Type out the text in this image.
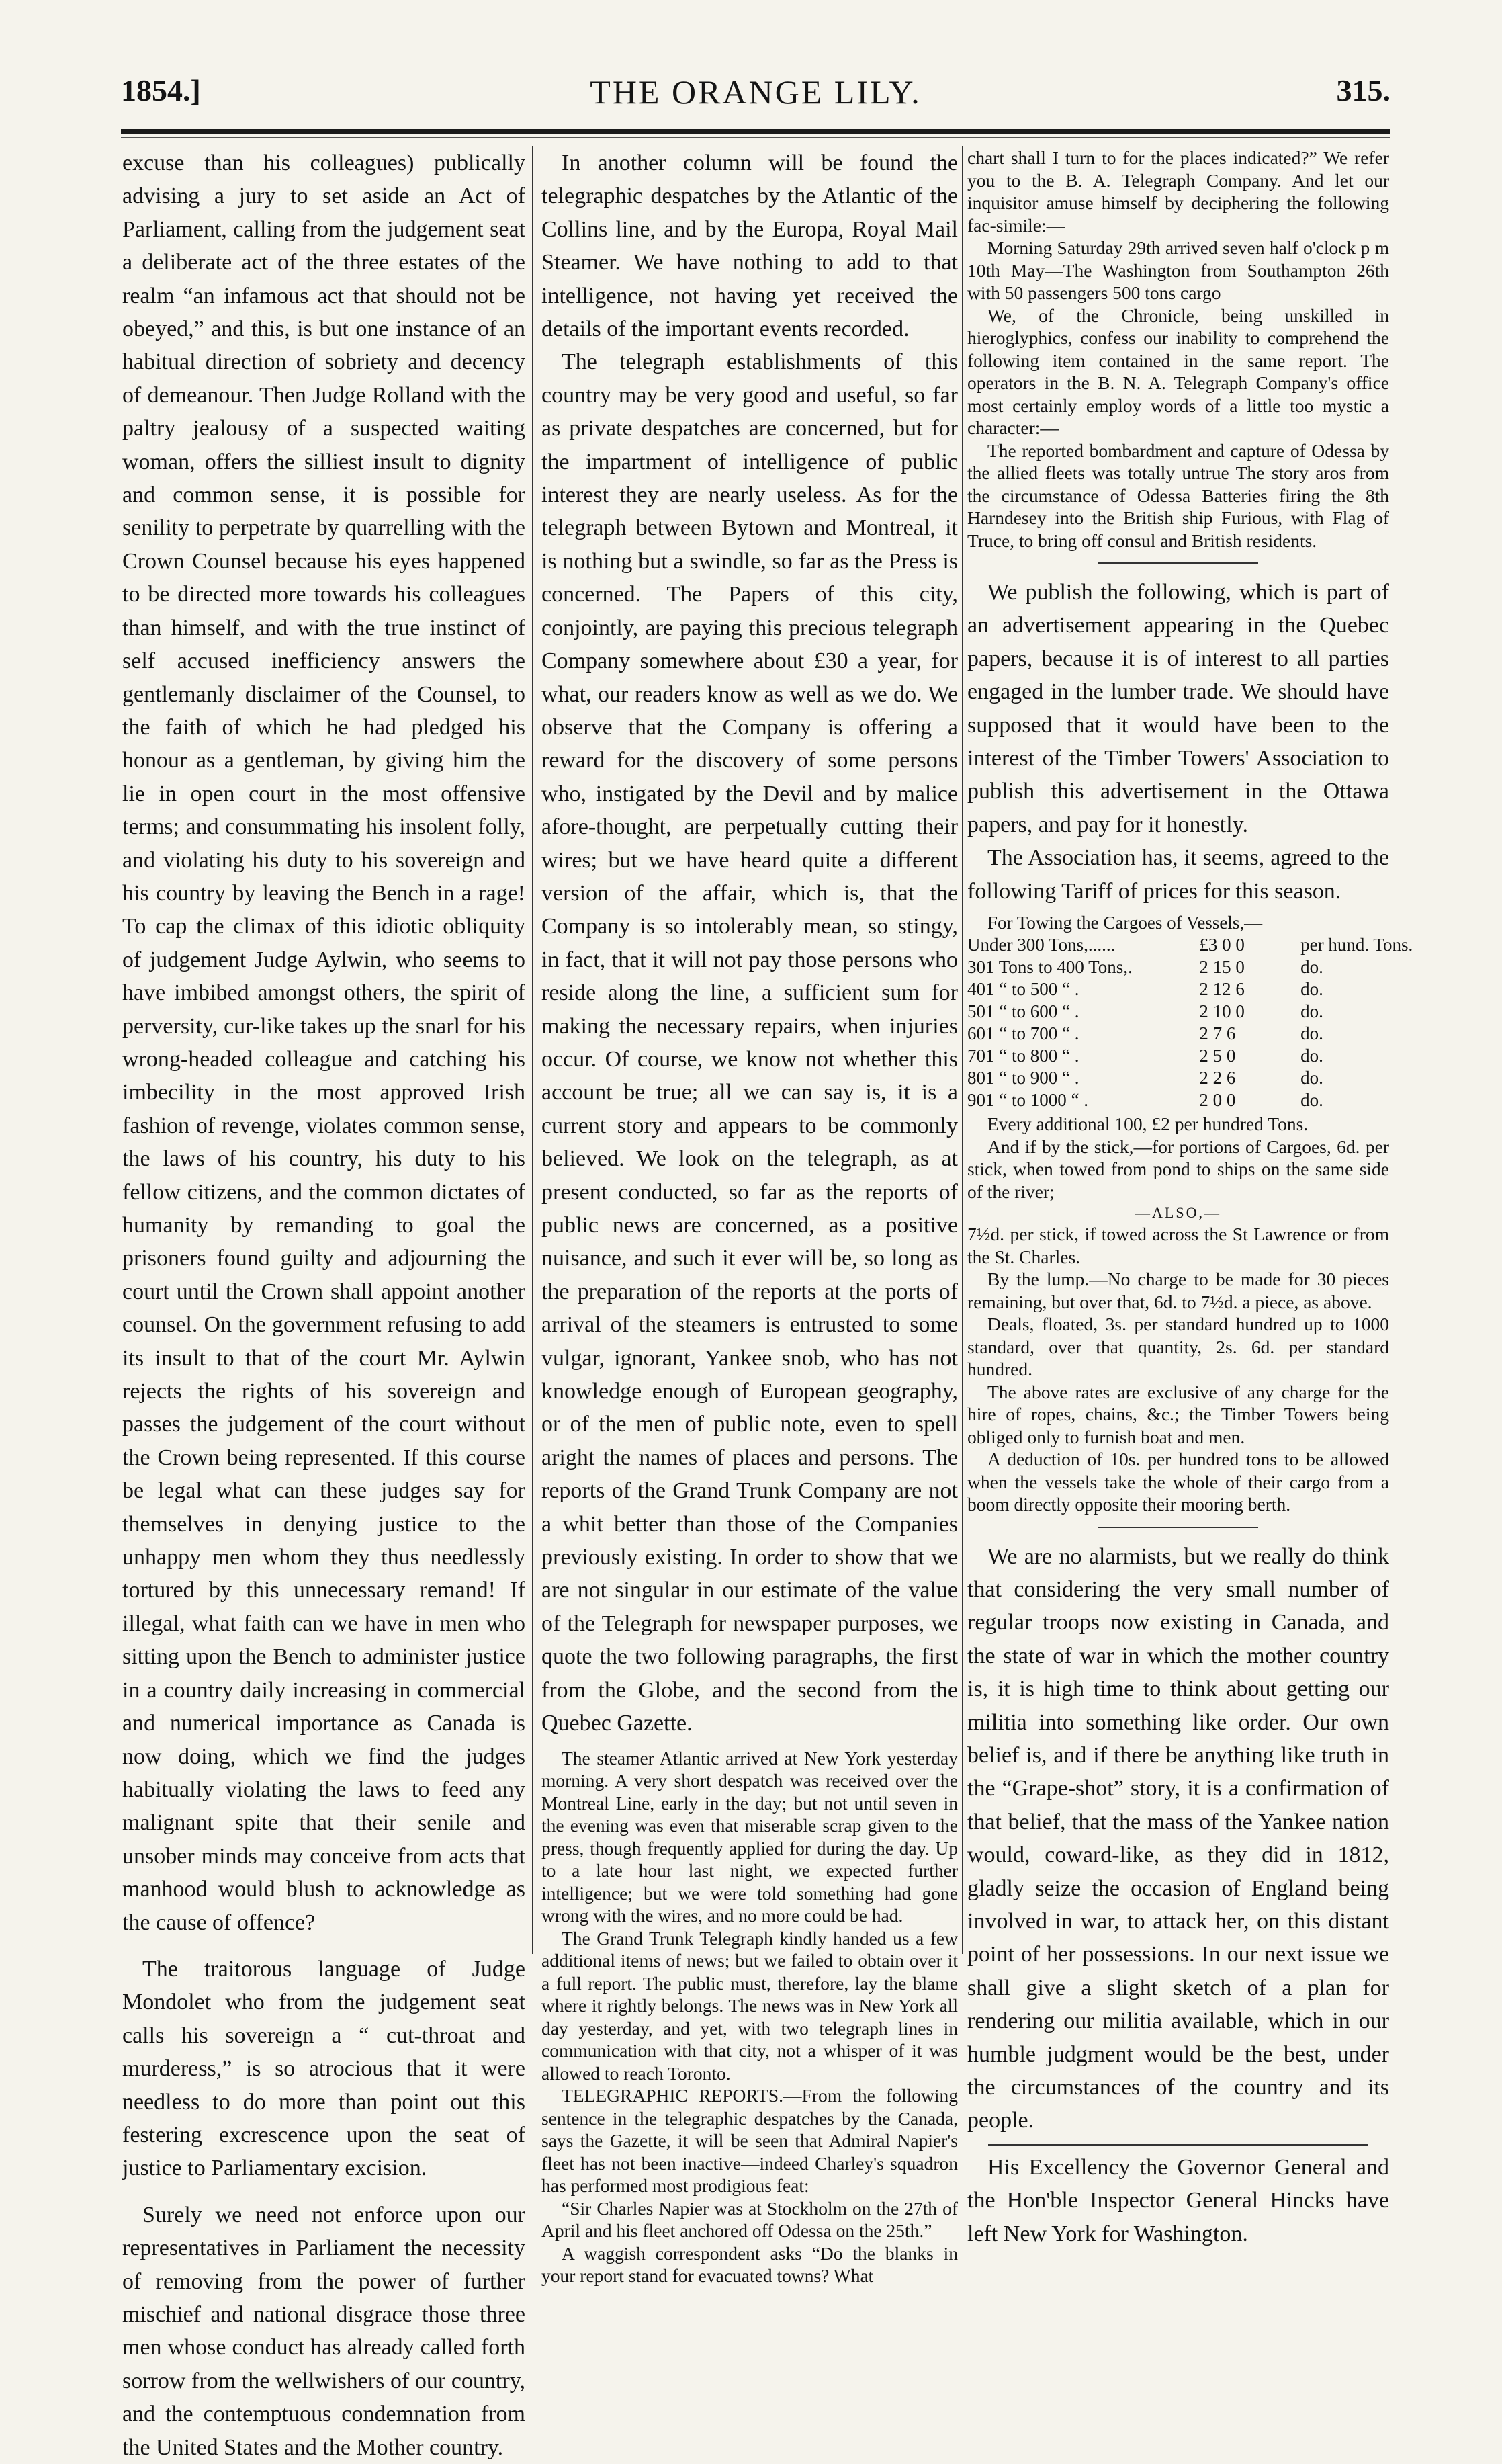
1854.]	THE ORANGE LILY.	315.

excuse than his colleagues) publically advising a jury to set aside an Act of Parliament, calling from the judgement seat a deliberate act of the three estates of the realm “an infamous act that should not be obeyed,” and this, is but one instance of an habitual direction of sobriety and decency of demeanour. Then Judge Rolland with the paltry jealousy of a suspected waiting woman, offers the silliest insult to dignity and common sense, it is possible for senility to perpetrate by quarrelling with the Crown Counsel because his eyes happened to be directed more towards his colleagues than himself, and with the true instinct of self accused inefficiency answers the gentlemanly disclaimer of the Counsel, to the faith of which he had pledged his honour as a gentleman, by giving him the lie in open court in the most offensive terms; and consummating his insolent folly, and violating his duty to his sovereign and his country by leaving the Bench in a rage! To cap the climax of this idiotic obliquity of judgement Judge Aylwin, who seems to have imbibed amongst others, the spirit of perversity, cur-like takes up the snarl for his wrong-headed colleague and catching his imbecility in the most approved Irish fashion of revenge, violates common sense, the laws of his country, his duty to his fellow citizens, and the common dictates of humanity by remanding to goal the prisoners found guilty and adjourning the court until the Crown shall appoint another counsel. On the government refusing to add its insult to that of the court Mr. Aylwin rejects the rights of his sovereign and passes the judgement of the court without the Crown being represented. If this course be legal what can these judges say for themselves in denying justice to the unhappy men whom they thus needlessly tortured by this unnecessary remand! If illegal, what faith can we have in men who sitting upon the Bench to administer justice in a country daily increasing in commercial and numerical importance as Canada is now doing, which we find the judges habitually violating the laws to feed any malignant spite that their senile and unsober minds may conceive from acts that manhood would blush to acknowledge as the cause of offence?

The traitorous language of Judge Mondolet who from the judgement seat calls his sovereign a “ cut-throat and murderess,” is so atrocious that it were needless to do more than point out this festering excrescence upon the seat of justice to Parliamentary excision.

Surely we need not enforce upon our representatives in Parliament the necessity of removing from the power of further mischief and national disgrace those three men whose conduct has already called forth sorrow from the wellwishers of our country, and the contemptuous condemnation from the United States and the Mother country.

In another column will be found the telegraphic despatches by the Atlantic of the Collins line, and by the Europa, Royal Mail Steamer. We have nothing to add to that intelligence, not having yet received the details of the important events recorded.

The telegraph establishments of this country may be very good and useful, so far as private despatches are concerned, but for the impartment of intelligence of public interest they are nearly useless. As for the telegraph between Bytown and Montreal, it is nothing but a swindle, so far as the Press is concerned. The Papers of this city, conjointly, are paying this precious telegraph Company somewhere about £30 a year, for what, our readers know as well as we do. We observe that the Company is offering a reward for the discovery of some persons who, instigated by the Devil and by malice afore-thought, are perpetually cutting their wires; but we have heard quite a different version of the affair, which is, that the Company is so intolerably mean, so stingy, in fact, that it will not pay those persons who reside along the line, a sufficient sum for making the necessary repairs, when injuries occur. Of course, we know not whether this account be true; all we can say is, it is a current story and appears to be commonly believed. We look on the telegraph, as at present conducted, so far as the reports of public news are concerned, as a positive nuisance, and such it ever will be, so long as the preparation of the reports at the ports of arrival of the steamers is entrusted to some vulgar, ignorant, Yankee snob, who has not knowledge enough of European geography, or of the men of public note, even to spell aright the names of places and persons. The reports of the Grand Trunk Company are not a whit better than those of the Companies previously existing. In order to show that we are not singular in our estimate of the value of the Telegraph for newspaper purposes, we quote the two following paragraphs, the first from the Globe, and the second from the Quebec Gazette.

The steamer Atlantic arrived at New York yesterday morning. A very short despatch was received over the Montreal Line, early in the day; but not until seven in the evening was even that miserable scrap given to the press, though frequently applied for during the day. Up to a late hour last night, we expected further intelligence; but we were told something had gone wrong with the wires, and no more could be had.

The Grand Trunk Telegraph kindly handed us a few additional items of news; but we failed to obtain over it a full report. The public must, therefore, lay the blame where it rightly belongs. The news was in New York all day yesterday, and yet, with two telegraph lines in communication with that city, not a whisper of it was allowed to reach Toronto.

TELEGRAPHIC REPORTS.—From the following sentence in the telegraphic despatches by the Canada, says the Gazette, it will be seen that Admiral Napier's fleet has not been inactive—indeed Charley's squadron has performed most prodigious feat:

“Sir Charles Napier was at Stockholm on the 27th of April and his fleet anchored off Odessa on the 25th.”

A waggish correspondent asks “Do the blanks in your report stand for evacuated towns? What

chart shall I turn to for the places indicated?” We refer you to the B. A. Telegraph Company. And let our inquisitor amuse himself by deciphering the following fac-simile:—

Morning Saturday 29th arrived seven half o'clock p m 10th May—The Washington from Southampton 26th with 50 passengers 500 tons cargo

We, of the Chronicle, being unskilled in hieroglyphics, confess our inability to comprehend the following item contained in the same report. The operators in the B. N. A. Telegraph Company's office most certainly employ words of a little too mystic a character:—

The reported bombardment and capture of Odessa by the allied fleets was totally untrue The story aros from the circumstance of Odessa Batteries firing the 8th Harndesey into the British ship Furious, with Flag of Truce, to bring off consul and British residents.

We publish the following, which is part of an advertisement appearing in the Quebec papers, because it is of interest to all parties engaged in the lumber trade. We should have supposed that it would have been to the interest of the Timber Towers' Association to publish this advertisement in the Ottawa papers, and pay for it honestly.

The Association has, it seems, agreed to the following Tariff of prices for this season.

For Towing the Cargoes of Vessels,—
Under 300 Tons,......	£3 0 0	per hund. Tons.
301 Tons to 400 Tons,.	2 15 0	do.
401 “ to 500 “ .	2 12 6	do.
501 “ to 600 “ .	2 10 0	do.
601 “ to 700 “ .	2 7 6	do.
701 “ to 800 “ .	2 5 0	do.
801 “ to 900 “ .	2 2 6	do.
901 “ to 1000 “ .	2 0 0	do.

Every additional 100, £2 per hundred Tons.

And if by the stick,—for portions of Cargoes, 6d. per stick, when towed from pond to ships on the same side of the river;

—ALSO,—

7½d. per stick, if towed across the St Lawrence or from the St. Charles.

By the lump.—No charge to be made for 30 pieces remaining, but over that, 6d. to 7½d. a piece, as above.

Deals, floated, 3s. per standard hundred up to 1000 standard, over that quantity, 2s. 6d. per standard hundred.

The above rates are exclusive of any charge for the hire of ropes, chains, &c.; the Timber Towers being obliged only to furnish boat and men.

A deduction of 10s. per hundred tons to be allowed when the vessels take the whole of their cargo from a boom directly opposite their mooring berth.

We are no alarmists, but we really do think that considering the very small number of regular troops now existing in Canada, and the state of war in which the mother country is, it is high time to think about getting our militia into something like order. Our own belief is, and if there be anything like truth in the “Grape-shot” story, it is a confirmation of that belief, that the mass of the Yankee nation would, coward-like, as they did in 1812, gladly seize the occasion of England being involved in war, to attack her, on this distant point of her possessions. In our next issue we shall give a slight sketch of a plan for rendering our militia available, which in our humble judgment would be the best, under the circumstances of the country and its people.

His Excellency the Governor General and the Hon'ble Inspector General Hincks have left New York for Washington.
